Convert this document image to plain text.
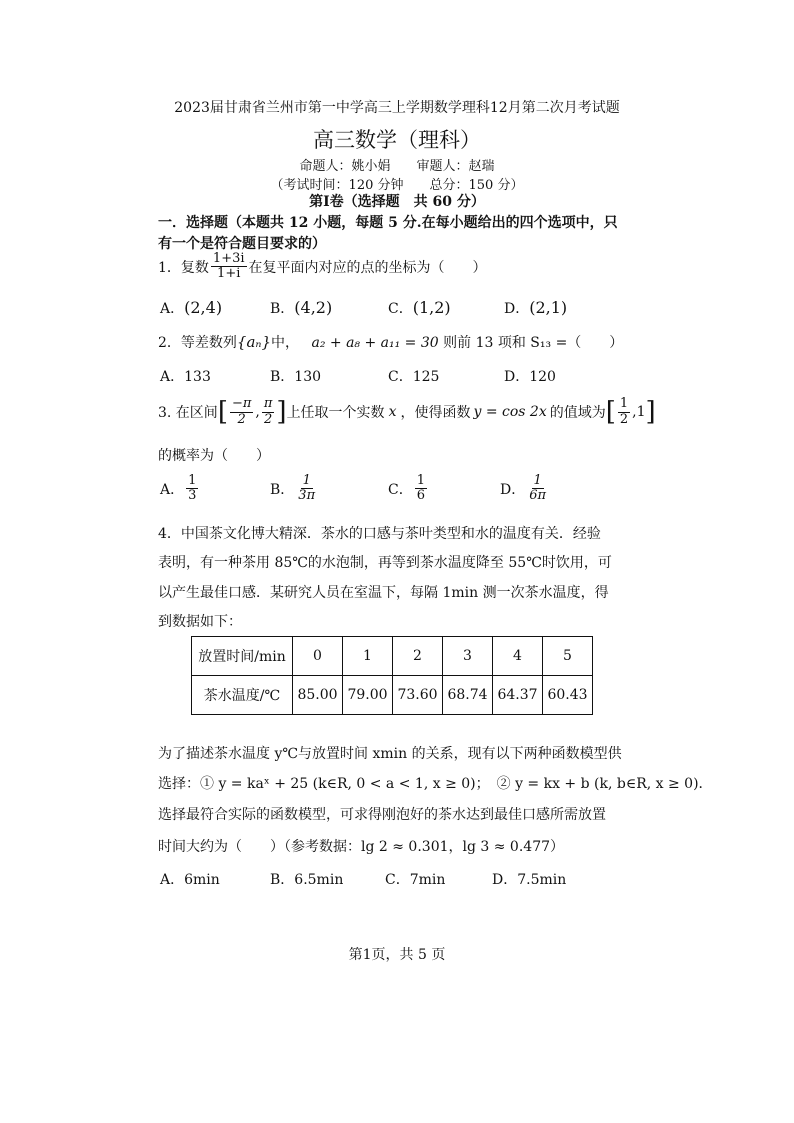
2023届甘肃省兰州市第一中学高三上学期数学理科12月第二次月考试题
高三数学（理科）
命题人：姚小娟　　审题人：赵瑞
（考试时间：120 分钟　　总分：150 分）
第Ⅰ卷（选择题　共 60 分）
一．选择题（本题共 12 小题，每题 5 分.在每小题给出的四个选项中，只
有一个是符合题目要求的）
1．复数 $\frac{1+3i}{1+i}$ 在复平面内对应的点的坐标为（　　）
A．(2,4)	B．(4,2)	C．(1,2)	D．(2,1)
2．等差数列{aₙ}中， a₂ + a₈ + a₁₁ = 30 则前 13 项和 S₁₃ =（　　）
A．133	B．130	C．125	D．120
3. 在区间 [ $\frac{-\pi}{2}$ , $\frac{\pi}{2}$ ] 上任取一个实数 x ，使得函数 y = cos 2x 的值域为 [ $\frac{1}{2} ,1$ ]
的概率为（　　）
A． $\frac{1}{3}$	B． $\frac{1}{3\pi}$	C． $\frac{1}{6}$	D． $\frac{1}{6\pi}$
4．中国茶文化博大精深．茶水的口感与茶叶类型和水的温度有关．经验
表明，有一种茶用 85℃的水泡制，再等到茶水温度降至 55℃时饮用，可
以产生最佳口感．某研究人员在室温下，每隔 1min 测一次茶水温度，得
到数据如下：
放置时间/min	0	1	2	3	4	5
茶水温度/℃	85.00	79.00	73.60	68.74	64.37	60.43
为了描述茶水温度 y℃与放置时间 xmin 的关系，现有以下两种函数模型供
选择：① y = kaˣ + 25 (k∈R, 0 < a < 1, x ≥ 0)；　② y = kx + b (k, b∈R, x ≥ 0)．
选择最符合实际的函数模型，可求得刚泡好的茶水达到最佳口感所需放置
时间大约为（　　）（参考数据：lg 2 ≈ 0.301，lg 3 ≈ 0.477）
A．6min	B．6.5min	C．7min	D．7.5min
第1页，共 5 页
